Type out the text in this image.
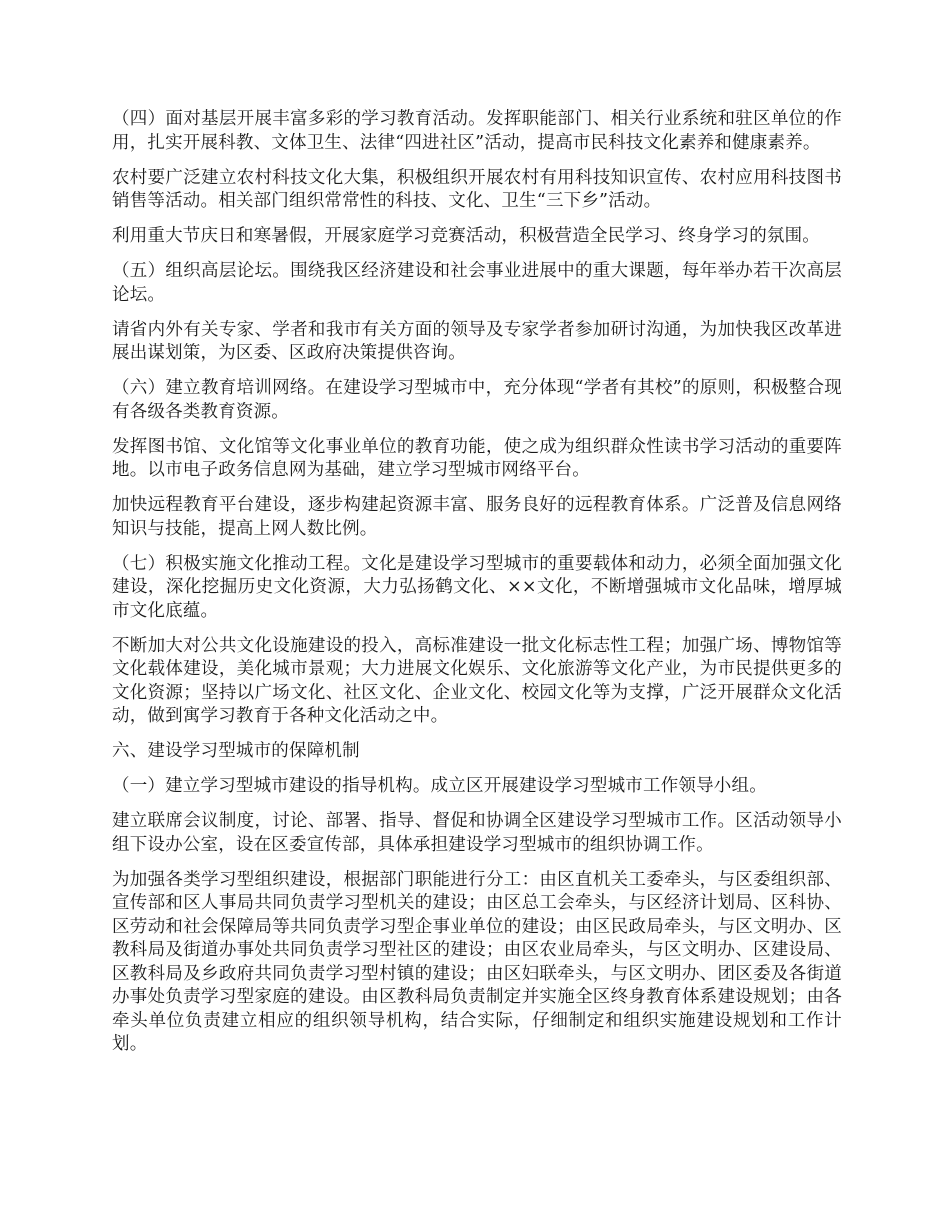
（四）面对基层开展丰富多彩的学习教育活动。发挥职能部门、相关行业系统和驻区单位的作用，扎实开展科教、文体卫生、法律“四进社区”活动，提高市民科技文化素养和健康素养。

农村要广泛建立农村科技文化大集，积极组织开展农村有用科技知识宣传、农村应用科技图书销售等活动。相关部门组织常常性的科技、文化、卫生“三下乡”活动。

利用重大节庆日和寒暑假，开展家庭学习竞赛活动，积极营造全民学习、终身学习的氛围。

（五）组织高层论坛。围绕我区经济建设和社会事业进展中的重大课题，每年举办若干次高层论坛。

请省内外有关专家、学者和我市有关方面的领导及专家学者参加研讨沟通，为加快我区改革进展出谋划策，为区委、区政府决策提供咨询。

（六）建立教育培训网络。在建设学习型城市中，充分体现“学者有其校”的原则，积极整合现有各级各类教育资源。

发挥图书馆、文化馆等文化事业单位的教育功能，使之成为组织群众性读书学习活动的重要阵地。以市电子政务信息网为基础，建立学习型城市网络平台。

加快远程教育平台建设，逐步构建起资源丰富、服务良好的远程教育体系。广泛普及信息网络知识与技能，提高上网人数比例。

（七）积极实施文化推动工程。文化是建设学习型城市的重要载体和动力，必须全面加强文化建设，深化挖掘历史文化资源，大力弘扬鹤文化、××文化，不断增强城市文化品味，增厚城市文化底蕴。

不断加大对公共文化设施建设的投入，高标准建设一批文化标志性工程；加强广场、博物馆等文化载体建设，美化城市景观；大力进展文化娱乐、文化旅游等文化产业，为市民提供更多的文化资源；坚持以广场文化、社区文化、企业文化、校园文化等为支撑，广泛开展群众文化活动，做到寓学习教育于各种文化活动之中。

六、建设学习型城市的保障机制

（一）建立学习型城市建设的指导机构。成立区开展建设学习型城市工作领导小组。

建立联席会议制度，讨论、部署、指导、督促和协调全区建设学习型城市工作。区活动领导小组下设办公室，设在区委宣传部，具体承担建设学习型城市的组织协调工作。

为加强各类学习型组织建设，根据部门职能进行分工：由区直机关工委牵头，与区委组织部、宣传部和区人事局共同负责学习型机关的建设；由区总工会牵头，与区经济计划局、区科协、区劳动和社会保障局等共同负责学习型企事业单位的建设；由区民政局牵头，与区文明办、区教科局及街道办事处共同负责学习型社区的建设；由区农业局牵头，与区文明办、区建设局、区教科局及乡政府共同负责学习型村镇的建设；由区妇联牵头，与区文明办、团区委及各街道办事处负责学习型家庭的建设。由区教科局负责制定并实施全区终身教育体系建设规划；由各牵头单位负责建立相应的组织领导机构，结合实际，仔细制定和组织实施建设规划和工作计划。
